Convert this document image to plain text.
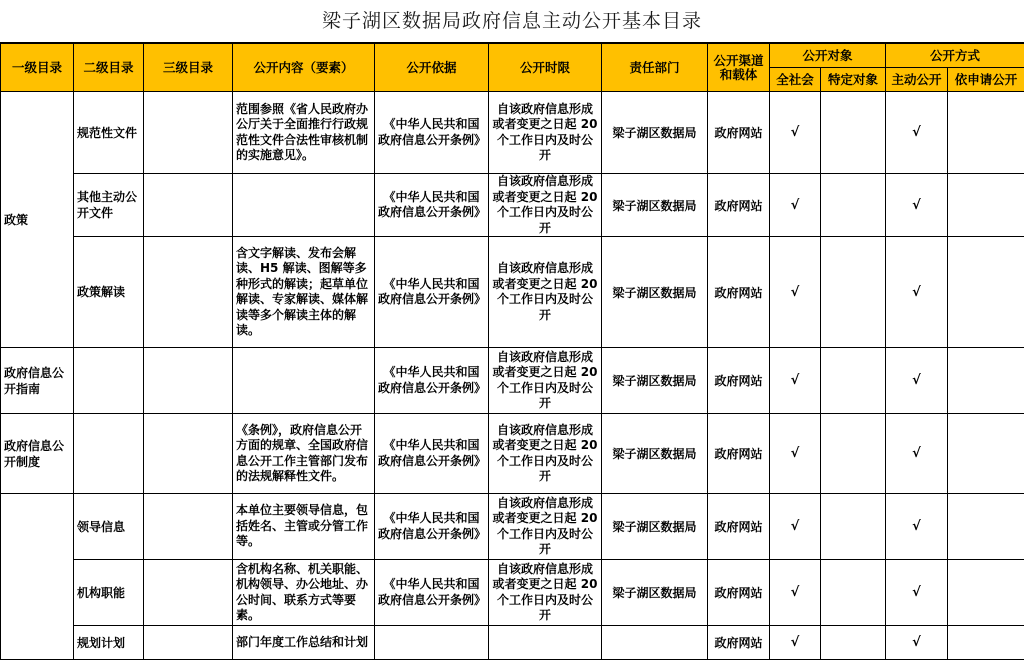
梁子湖区数据局政府信息主动公开基本目录
一级目录	二级目录	三级目录	公开内容（要素）	公开依据	公开时限	责任部门	公开渠道和载体	公开对象		公开方式	
								全社会	特定对象	主动公开	依申请公开
政策	规范性文件		范围参照《省人民政府办公厅关于全面推行行政规范性文件合法性审核机制的实施意见》。	《中华人民共和国政府信息公开条例》	自该政府信息形成或者变更之日起 20 个工作日内及时公开	梁子湖区数据局	政府网站	√		√	
	其他主动公开文件			《中华人民共和国政府信息公开条例》	自该政府信息形成或者变更之日起 20 个工作日内及时公开	梁子湖区数据局	政府网站	√		√	
	政策解读		含文字解读、发布会解读、H5 解读、图解等多种形式的解读；起草单位解读、专家解读、媒体解读等多个解读主体的解读。	《中华人民共和国政府信息公开条例》	自该政府信息形成或者变更之日起 20 个工作日内及时公开	梁子湖区数据局	政府网站	√		√	
政府信息公开指南				《中华人民共和国政府信息公开条例》	自该政府信息形成或者变更之日起 20 个工作日内及时公开	梁子湖区数据局	政府网站	√		√	
政府信息公开制度			《条例》，政府信息公开方面的规章、全国政府信息公开工作主管部门发布的法规解释性文件。	《中华人民共和国政府信息公开条例》	自该政府信息形成或者变更之日起 20 个工作日内及时公开	梁子湖区数据局	政府网站	√		√	
	领导信息		本单位主要领导信息，包括姓名、主管或分管工作等。	《中华人民共和国政府信息公开条例》	自该政府信息形成或者变更之日起 20 个工作日内及时公开	梁子湖区数据局	政府网站	√		√	
	机构职能		含机构名称、机关职能、机构领导、办公地址、办公时间、联系方式等要素。	《中华人民共和国政府信息公开条例》	自该政府信息形成或者变更之日起 20 个工作日内及时公开	梁子湖区数据局	政府网站	√		√	
	规划计划		部门年度工作总结和计划				政府网站	√		√	
